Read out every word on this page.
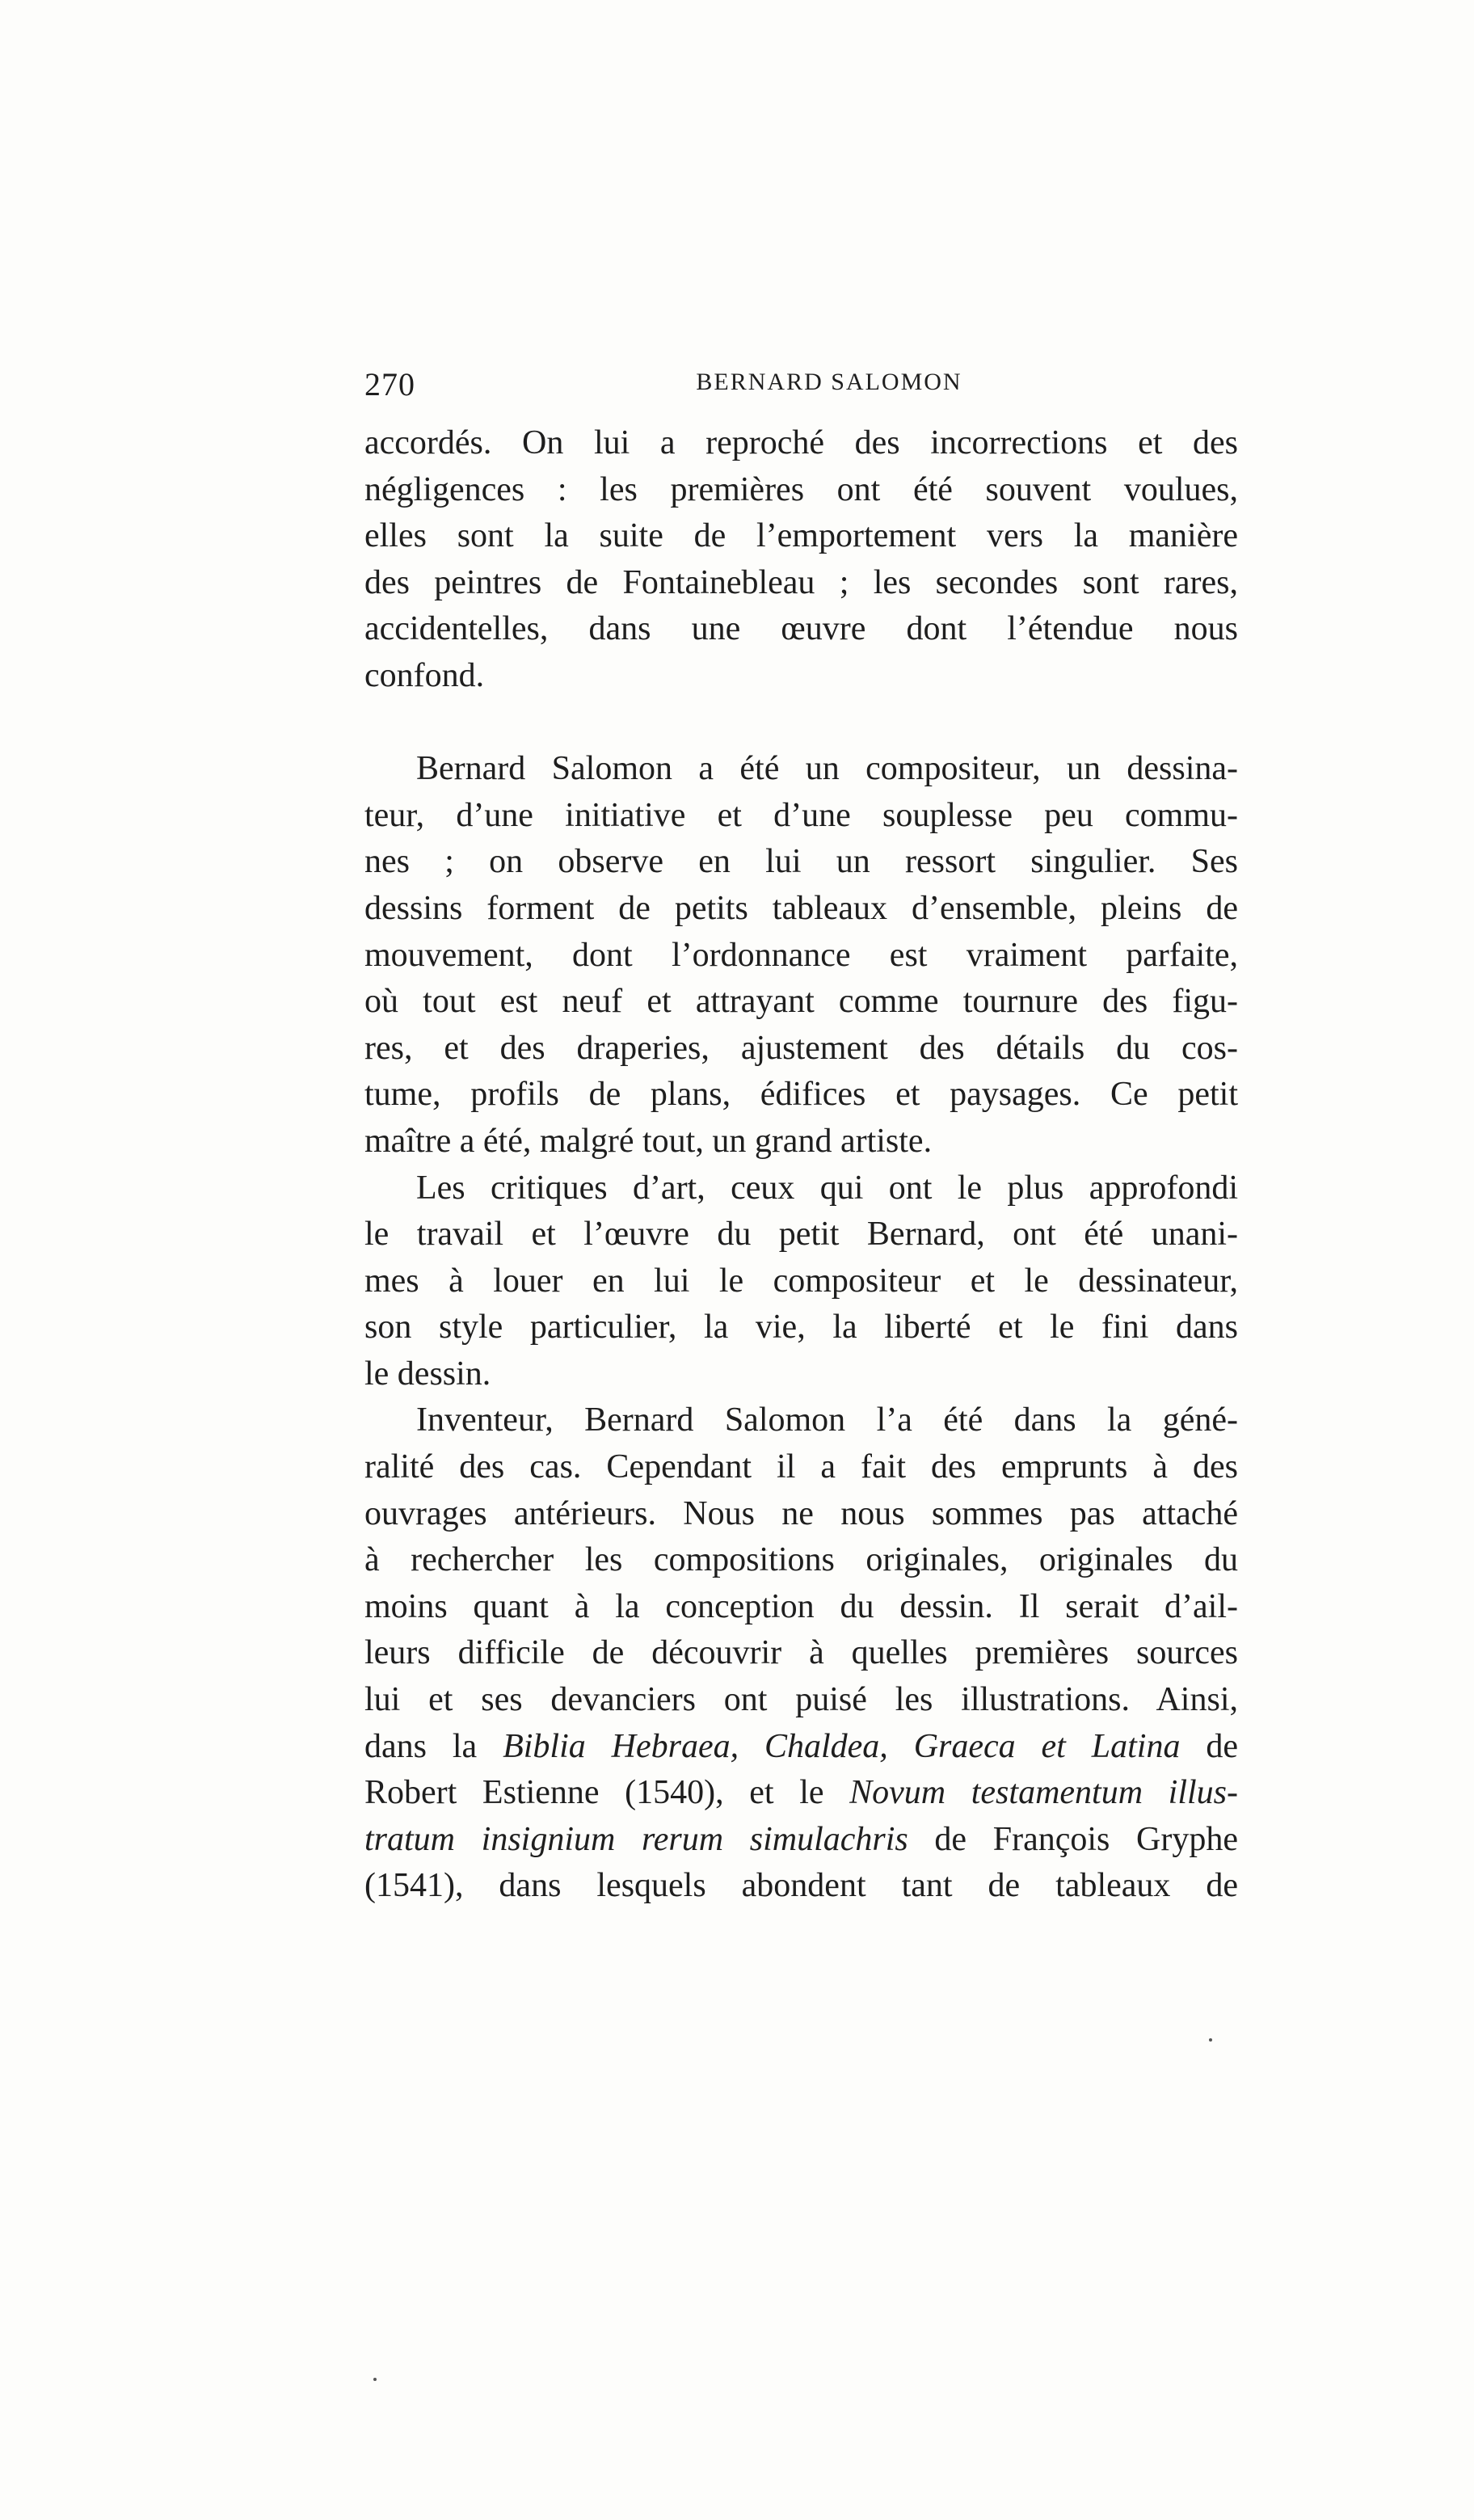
270	BERNARD SALOMON
accordés. On lui a reproché des incorrections et des
négligences : les premières ont été souvent voulues,
elles sont la suite de l’emportement vers la manière
des peintres de Fontainebleau ; les secondes sont rares,
accidentelles, dans une œuvre dont l’étendue nous
confond.
Bernard Salomon a été un compositeur, un dessina-
teur, d’une initiative et d’une souplesse peu commu-
nes ; on observe en lui un ressort singulier. Ses
dessins forment de petits tableaux d’ensemble, pleins de
mouvement, dont l’ordonnance est vraiment parfaite,
où tout est neuf et attrayant comme tournure des figu-
res, et des draperies, ajustement des détails du cos-
tume, profils de plans, édifices et paysages. Ce petit
maître a été, malgré tout, un grand artiste.
Les critiques d’art, ceux qui ont le plus approfondi
le travail et l’œuvre du petit Bernard, ont été unani-
mes à louer en lui le compositeur et le dessinateur,
son style particulier, la vie, la liberté et le fini dans
le dessin.
Inventeur, Bernard Salomon l’a été dans la géné-
ralité des cas. Cependant il a fait des emprunts à des
ouvrages antérieurs. Nous ne nous sommes pas attaché
à rechercher les compositions originales, originales du
moins quant à la conception du dessin. Il serait d’ail-
leurs difficile de découvrir à quelles premières sources
lui et ses devanciers ont puisé les illustrations. Ainsi,
dans la Biblia Hebraea, Chaldea, Graeca et Latina de
Robert Estienne (1540), et le Novum testamentum illus-
tratum insignium rerum simulachris de François Gryphe
(1541), dans lesquels abondent tant de tableaux de
